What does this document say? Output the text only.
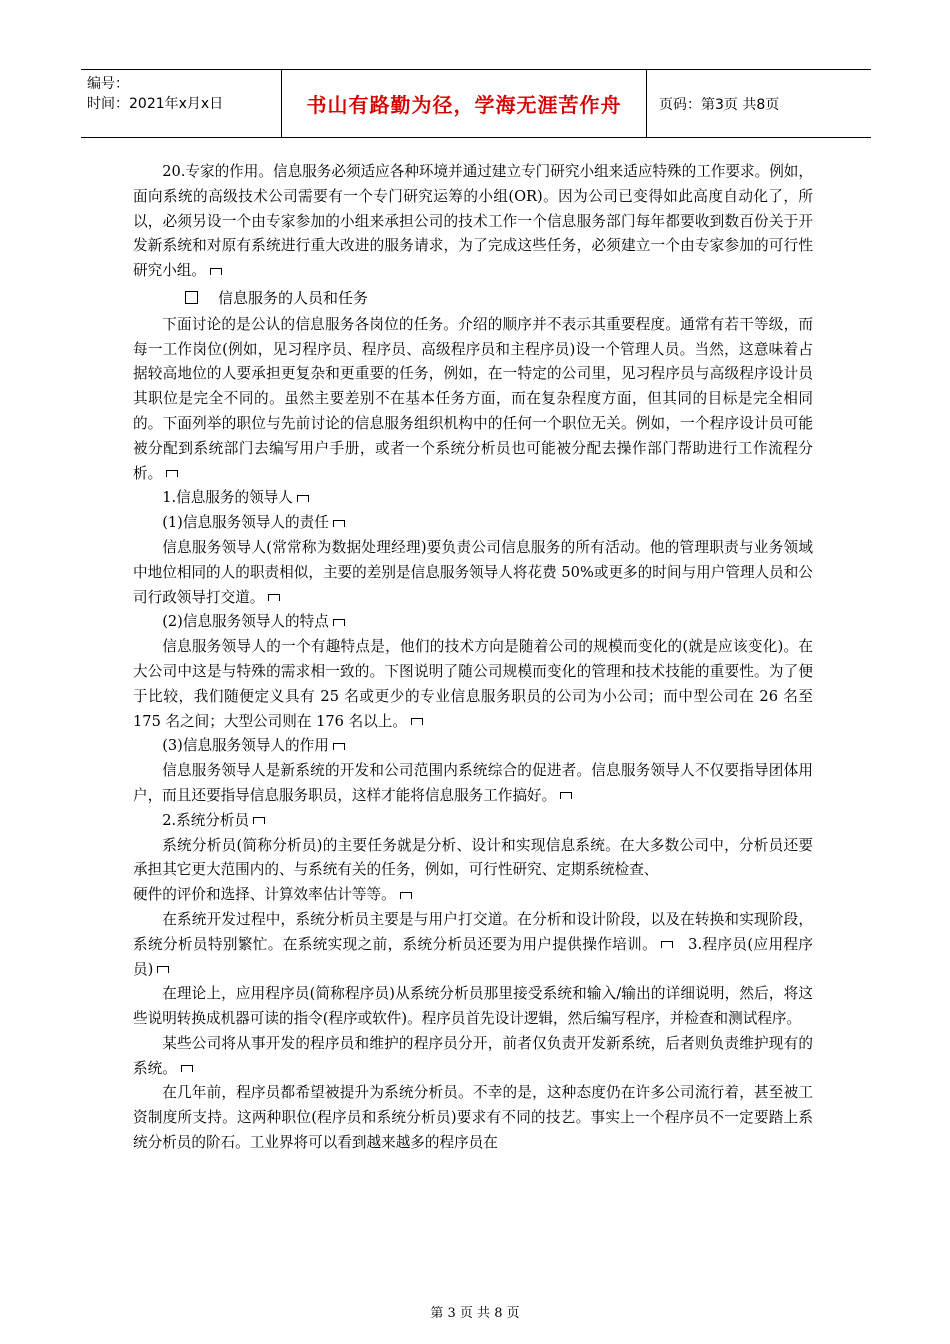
编号：
时间：2021年x月x日	书山有路勤为径，学海无涯苦作舟	页码：第3页 共8页

20.专家的作用。信息服务必须适应各种环境并通过建立专门研究小组来适应特殊的工作要求。例如，面向系统的高级技术公司需要有一个专门研究运筹的小组(OR)。因为公司已变得如此高度自动化了，所以，必须另设一个由专家参加的小组来承担公司的技术工作一个信息服务部门每年都要收到数百份关于开发新系统和对原有系统进行重大改进的服务请求，为了完成这些任务，必须建立一个由专家参加的可行性研究小组。

信息服务的人员和任务

下面讨论的是公认的信息服务各岗位的任务。介绍的顺序并不表示其重要程度。通常有若干等级，而每一工作岗位(例如，见习程序员、程序员、高级程序员和主程序员)设一个管理人员。当然，这意味着占据较高地位的人要承担更复杂和更重要的任务，例如，在一特定的公司里，见习程序员与高级程序设计员其职位是完全不同的。虽然主要差别不在基本任务方面，而在复杂程度方面，但其同的目标是完全相同的。下面列举的职位与先前讨论的信息服务组织机构中的任何一个职位无关。例如，一个程序设计员可能被分配到系统部门去编写用户手册，或者一个系统分析员也可能被分配去操作部门帮助进行工作流程分析。

1.信息服务的领导人

(1)信息服务领导人的责任

信息服务领导人(常常称为数据处理经理)要负责公司信息服务的所有活动。他的管理职责与业务领域中地位相同的人的职责相似，主要的差别是信息服务领导人将花费 50%或更多的时间与用户管理人员和公司行政领导打交道。

(2)信息服务领导人的特点

信息服务领导人的一个有趣特点是，他们的技术方向是随着公司的规模而变化的(就是应该变化)。在大公司中这是与特殊的需求相一致的。下图说明了随公司规模而变化的管理和技术技能的重要性。为了便于比较，我们随便定义具有 25 名或更少的专业信息服务职员的公司为小公司；而中型公司在 26 名至 175 名之间；大型公司则在 176 名以上。

(3)信息服务领导人的作用

信息服务领导人是新系统的开发和公司范围内系统综合的促进者。信息服务领导人不仅要指导团体用户，而且还要指导信息服务职员，这样才能将信息服务工作搞好。

2.系统分析员

系统分析员(简称分析员)的主要任务就是分析、设计和实现信息系统。在大多数公司中，分析员还要承担其它更大范围内的、与系统有关的任务，例如，可行性研究、定期系统检查、

硬件的评价和选择、计算效率估计等等。

在系统开发过程中，系统分析员主要是与用户打交道。在分析和设计阶段，以及在转换和实现阶段，系统分析员特别繁忙。在系统实现之前，系统分析员还要为用户提供操作培训。 3.程序员(应用程序员)

在理论上，应用程序员(简称程序员)从系统分析员那里接受系统和输入/输出的详细说明，然后，将这些说明转换成机器可读的指令(程序或软件)。程序员首先设计逻辑，然后编写程序，并检查和测试程序。

某些公司将从事开发的程序员和维护的程序员分开，前者仅负责开发新系统，后者则负责维护现有的系统。

在几年前，程序员都希望被提升为系统分析员。不幸的是，这种态度仍在许多公司流行着，甚至被工资制度所支持。这两种职位(程序员和系统分析员)要求有不同的技艺。事实上一个程序员不一定要踏上系统分析员的阶石。工业界将可以看到越来越多的程序员在

第 3 页 共 8 页
